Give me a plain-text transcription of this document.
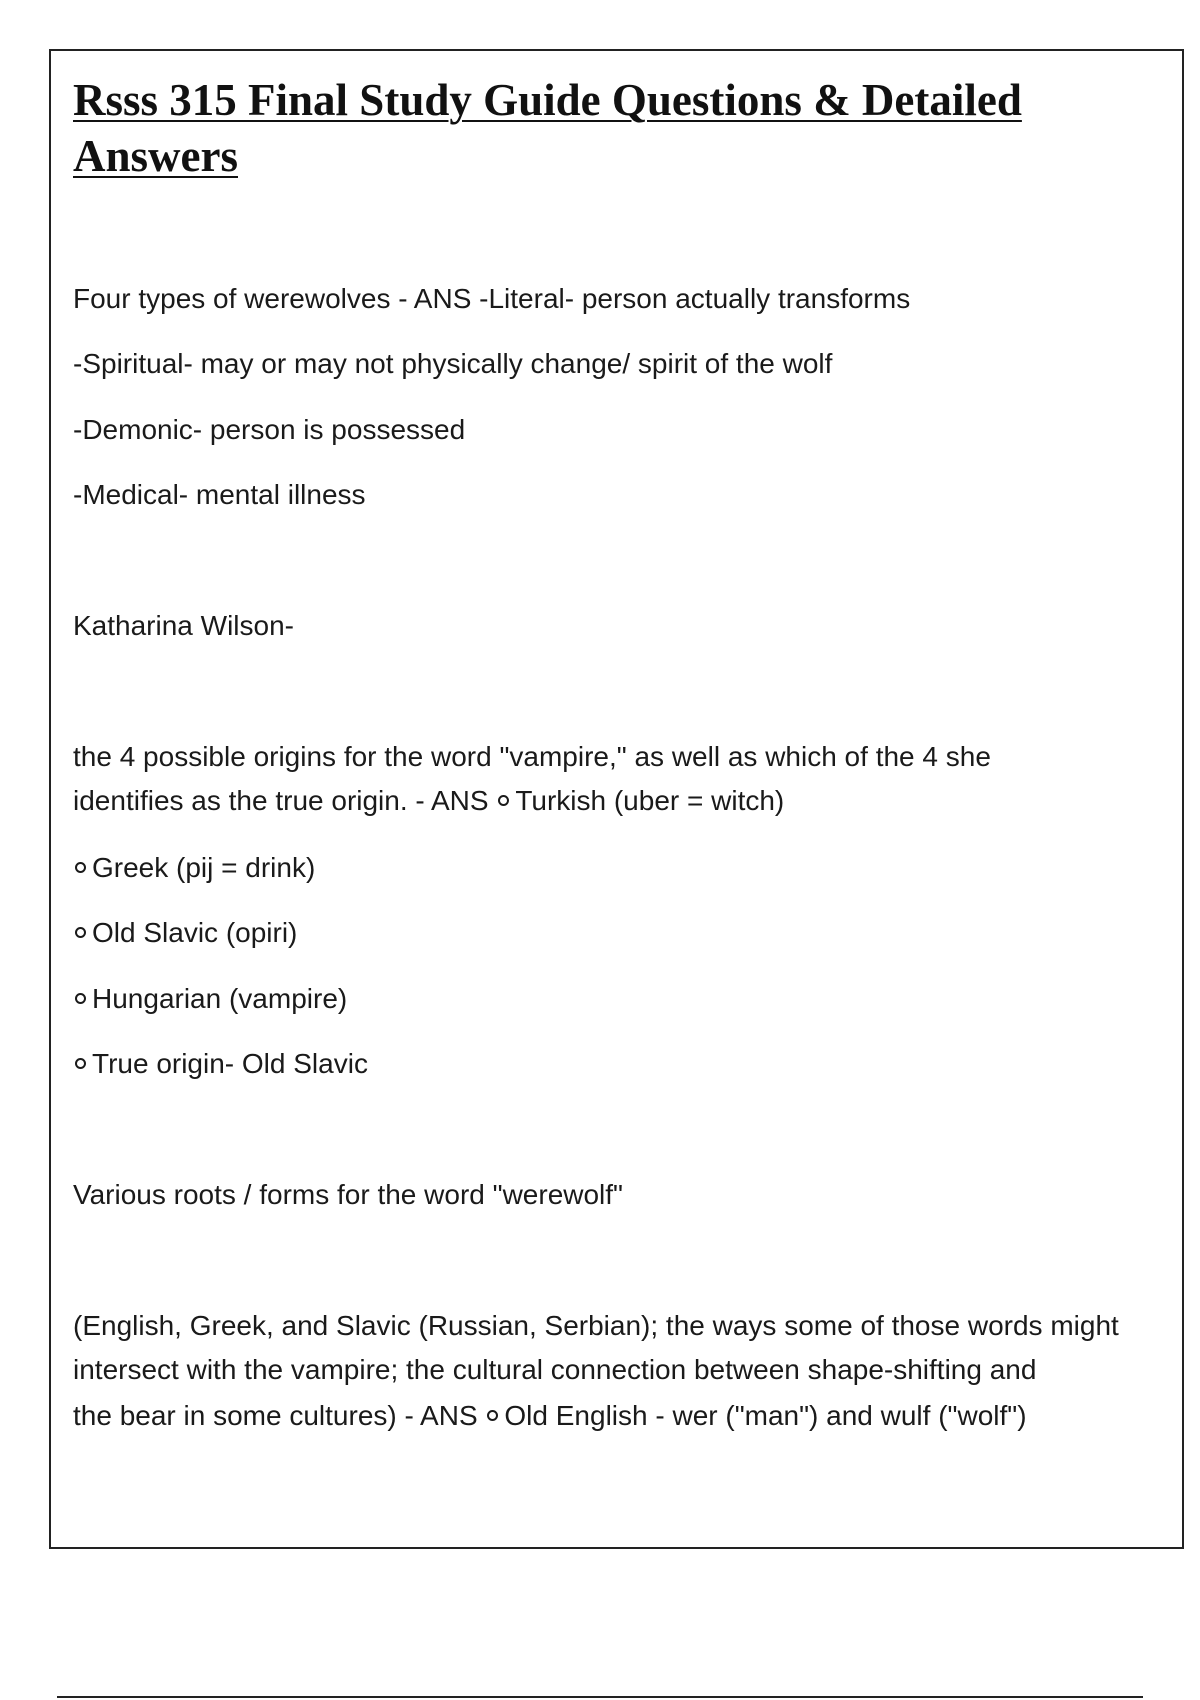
Rsss 315 Final Study Guide Questions & Detailed Answers

Four types of werewolves - ANS -Literal- person actually transforms

-Spiritual- may or may not physically change/ spirit of the wolf

-Demonic- person is possessed

-Medical- mental illness

Katharina Wilson-

the 4 possible origins for the word "vampire," as well as which of the 4 she

identifies as the true origin. - ANS Turkish (uber = witch)

Greek (pij = drink)

Old Slavic (opiri)

Hungarian (vampire)

True origin- Old Slavic

Various roots / forms for the word "werewolf"

(English, Greek, and Slavic (Russian, Serbian); the ways some of those words might

intersect with the vampire; the cultural connection between shape-shifting and

the bear in some cultures) - ANS Old English - wer ("man") and wulf ("wolf")
